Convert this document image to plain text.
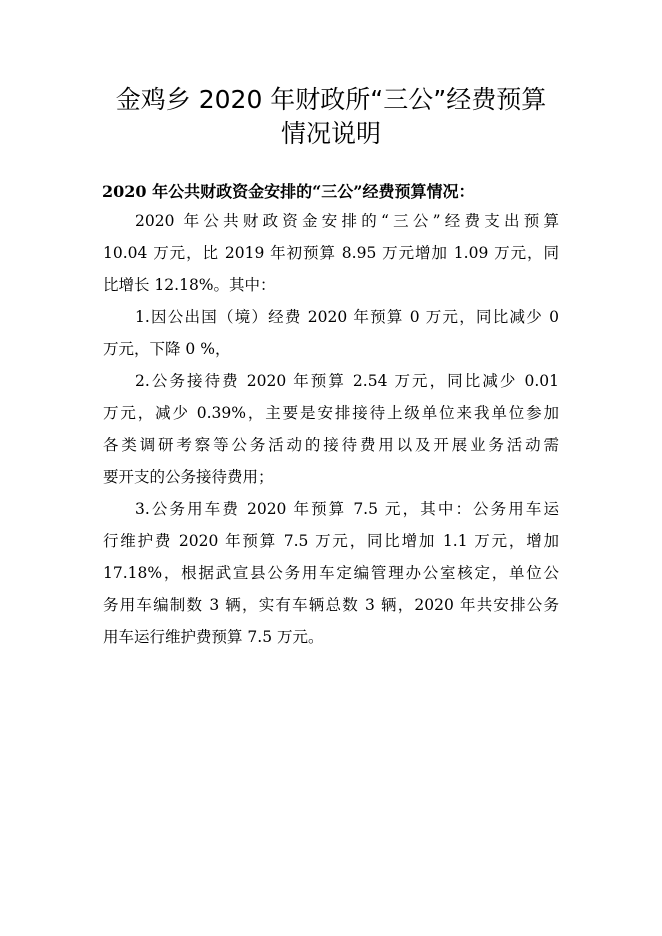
金鸡乡 2020 年财政所“三公”经费预算
情况说明
2020 年公共财政资金安排的“三公”经费预算情况：
2020 年公共财政资金安排的“三公”经费支出预算
10.04 万元，比 2019 年初预算 8.95 万元增加 1.09 万元，同
比增长 12.18%。其中：
1.因公出国（境）经费 2020 年预算 0 万元，同比减少 0
万元，下降 0 %，
2.公务接待费 2020 年预算 2.54 万元，同比减少 0.01
万元，减少 0.39%，主要是安排接待上级单位来我单位参加
各类调研考察等公务活动的接待费用以及开展业务活动需
要开支的公务接待费用；
3.公务用车费 2020 年预算 7.5 元，其中：公务用车运
行维护费 2020 年预算 7.5 万元，同比增加 1.1 万元，增加
17.18%，根据武宣县公务用车定编管理办公室核定，单位公
务用车编制数 3 辆，实有车辆总数 3 辆，2020 年共安排公务
用车运行维护费预算 7.5 万元。
